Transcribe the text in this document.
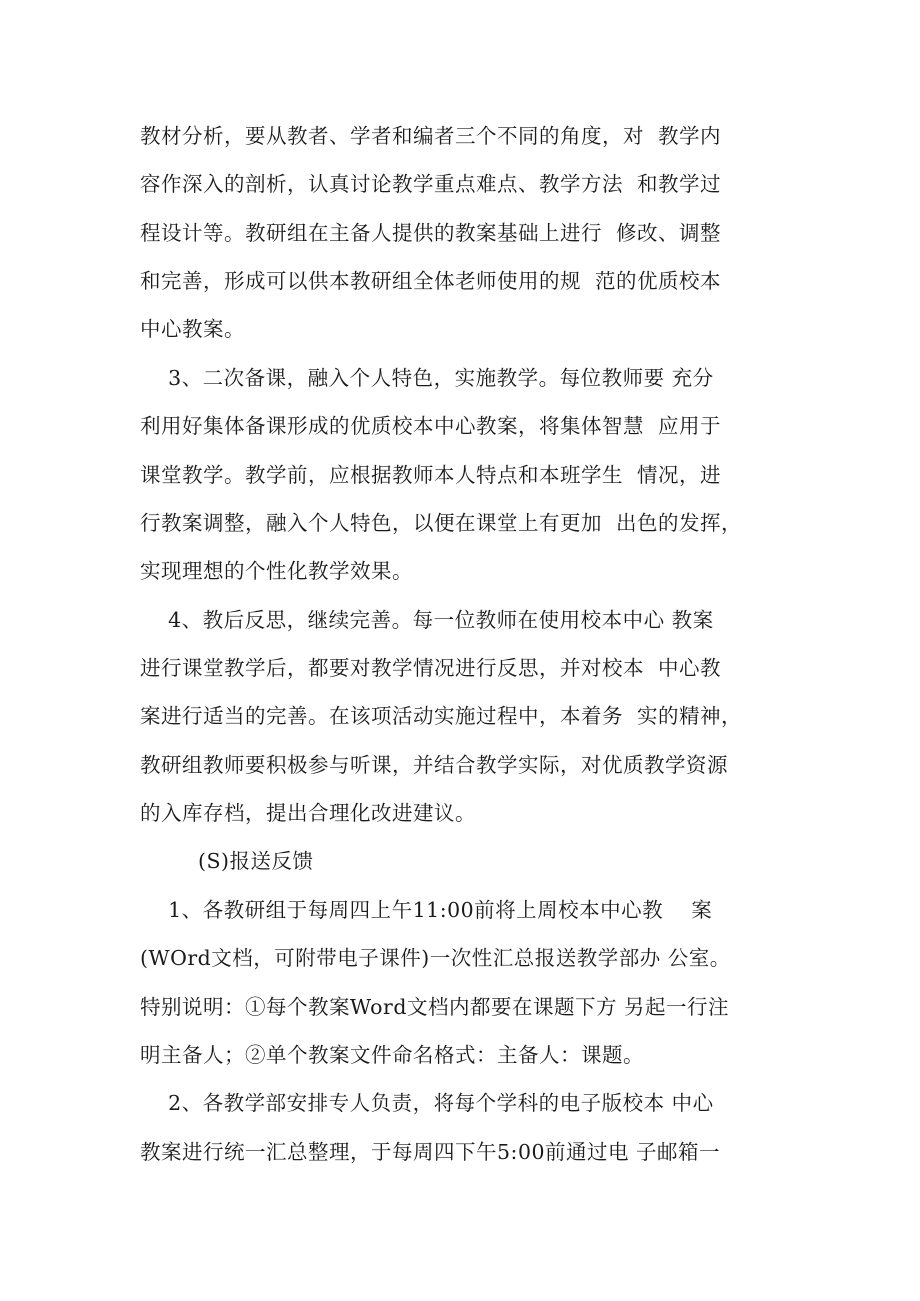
教材分析，要从教者、学者和编者三个不同的角度，对  教学内
容作深入的剖析，认真讨论教学重点难点、教学方法  和教学过
程设计等。教研组在主备人提供的教案基础上进行  修改、调整
和完善，形成可以供本教研组全体老师使用的规  范的优质校本
中心教案。
3、二次备课，融入个人特色，实施教学。每位教师要 充分
利用好集体备课形成的优质校本中心教案，将集体智慧  应用于
课堂教学。教学前，应根据教师本人特点和本班学生  情况，进
行教案调整，融入个人特色，以便在课堂上有更加  出色的发挥，
实现理想的个性化教学效果。
4、教后反思，继续完善。每一位教师在使用校本中心 教案
进行课堂教学后，都要对教学情况进行反思，并对校本  中心教
案进行适当的完善。在该项活动实施过程中，本着务  实的精神，
教研组教师要积极参与听课，并结合教学实际，对优质教学资源
的入库存档，提出合理化改进建议。
(S)报送反馈
1、各教研组于每周四上午11:00前将上周校本中心教    案
(WOrd文档，可附带电子课件)一次性汇总报送教学部办 公室。
特别说明：①每个教案Word文档内都要在课题下方 另起一行注
明主备人；②单个教案文件命名格式：主备人：课题。
2、各教学部安排专人负责，将每个学科的电子版校本 中心
教案进行统一汇总整理，于每周四下午5:00前通过电 子邮箱一
